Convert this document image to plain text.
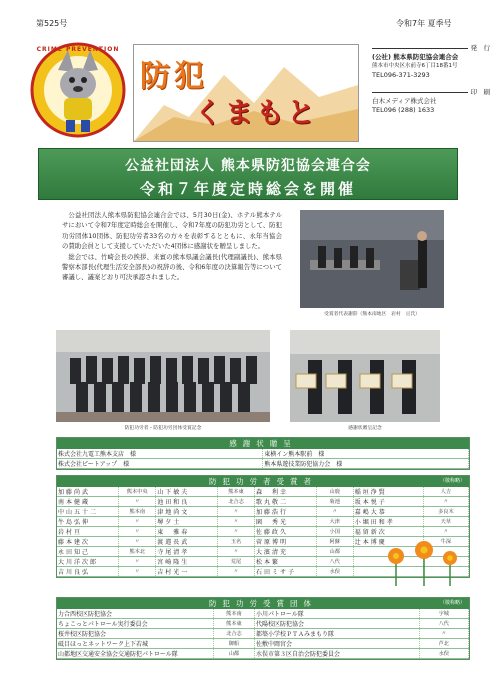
第525号	令和7年 夏季号
CRIME PREVENTION
防犯
くまもと
発　行
(公社) 熊本県防犯協会連合会
熊本市中央区水前寺6丁目18番1号
TEL096-371-3293
印　刷
白木メディア株式会社
TEL096 (288) 1633
公益社団法人 熊本県防犯協会連合会
令和７年度定時総会を開催
公益社団法人熊本県防犯協会連合会では、5月30日(金)、ホテル熊本テルサにおいて令和7年度定時総会を開催し、令和7年度の防犯功労として、防犯功労団体10団体、防犯功労者33名の方々を表彰するとともに、永年当協会の賛助会員として支援していただいた4団体に感謝状を贈呈しました。
総会では、竹崎会長の挨拶、来賓の熊本県議会議長(代理副議長)、熊本県警察本部長(代理生活安全部長)の祝辞の後、令和6年度の決算報告等について審議し、議案どおり可決承認されました。
受賞者代表謝辞（熊本南地区　岩村　亘氏）
防犯功労者・防犯功労団体受賞記念	感謝状贈呈記念
感謝状贈呈
株式会社九電工熊本支店　様	東横イン熊本駅前　様
株式会社ピートアップ　様	熊本県遊技業防犯協力会　様
防犯功労者受賞者	（敬称略）
加藤尚武	熊本中央	山下敏夫	熊本東	森　利幸	山鹿	稲垣浄賢	人吉
南本健蔵	〃	池田和良	北合志	歌丸敬二	菊池	坂本悦子	〃
中山五十二	熊本南	津地尚文	〃	加藤浩行	〃	嘉嶋大恭	多良木
牛島弘伸	〃	堺夕土	〃	園　秀光	大津	小堀田和孝	天草
岩村亘	〃	東　雅春	〃	佐藤政久	小国	福留新次	〃
藤本建次	〃	渡邉長武	玉名	菅原博明	阿蘇	辻本博慶	牛深
永田知己	熊本北	寺尾清孝	〃	大濱清充	山都		
大川洋次郎	〃	宮崎隆生	荒尾	松本繁	八代		
吉川良弘	〃	吉村光一	〃	石田ミサ子	水俣		
防犯功労受賞団体	（敬称略）
力合西校区防犯協会	熊本南	小川パトロール隊	宇城
ちょこっとパトロール実行委員会	熊本東	代陽校区防犯協会	八代
桜井校区防犯協会	北合志	都築小学校ＰＴＡみまもり隊	〃
砥目ほっとネットワーク上下若城	御船	佐敷中岡宮会	芦北
山都地区交通安全協会交通防犯パトロール隊	山都	水俣市第３区自治会防犯委員会	水俣
